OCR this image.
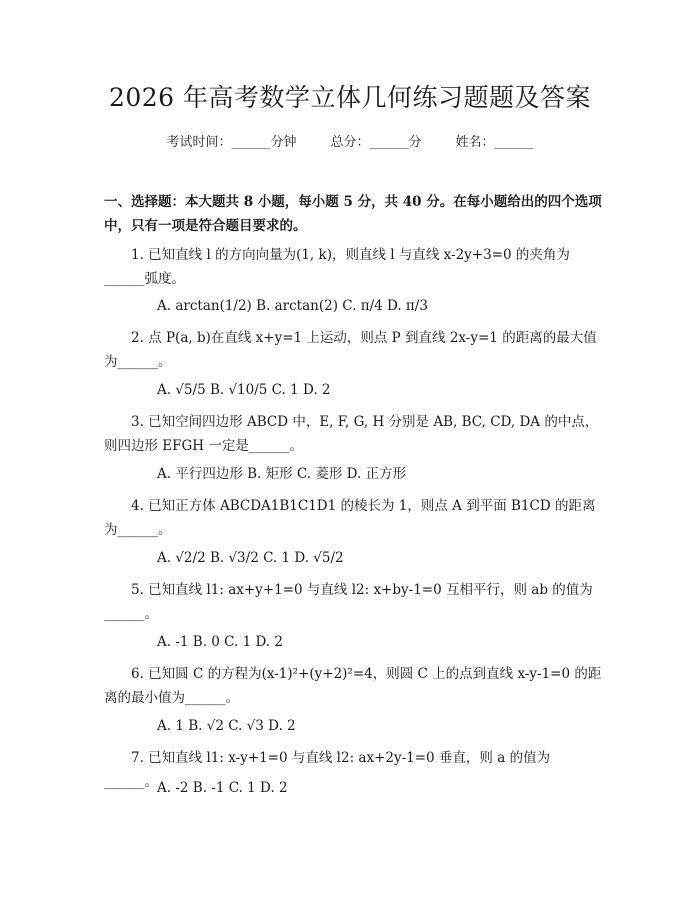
2026 年高考数学立体几何练习题题及答案
考试时间：______分钟	总分：______分	姓名：______
一、选择题：本大题共 8 小题，每小题 5 分，共 40 分。在每小题给出的四个选项中，只有一项是符合题目要求的。
1. 已知直线 l 的方向向量为(1, k)，则直线 l 与直线 x-2y+3=0 的夹角为______弧度。
A. arctan(1/2) B. arctan(2) C. π/4 D. π/3
2. 点 P(a, b)在直线 x+y=1 上运动，则点 P 到直线 2x-y=1 的距离的最大值为______。
A. √5/5 B. √10/5 C. 1 D. 2
3. 已知空间四边形 ABCD 中，E, F, G, H 分别是 AB, BC, CD, DA 的中点，则四边形 EFGH 一定是______。
A. 平行四边形 B. 矩形 C. 菱形 D. 正方形
4. 已知正方体 ABCDA1B1C1D1 的棱长为 1，则点 A 到平面 B1CD 的距离为______。
A. √2/2 B. √3/2 C. 1 D. √5/2
5. 已知直线 l1: ax+y+1=0 与直线 l2: x+by-1=0 互相平行，则 ab 的值为______。
A. -1 B. 0 C. 1 D. 2
6. 已知圆 C 的方程为(x-1)²+(y+2)²=4，则圆 C 上的点到直线 x-y-1=0 的距离的最小值为______。
A. 1 B. √2 C. √3 D. 2
7. 已知直线 l1: x-y+1=0 与直线 l2: ax+2y-1=0 垂直，则 a 的值为______。 A. -2 B. -1 C. 1 D. 2
